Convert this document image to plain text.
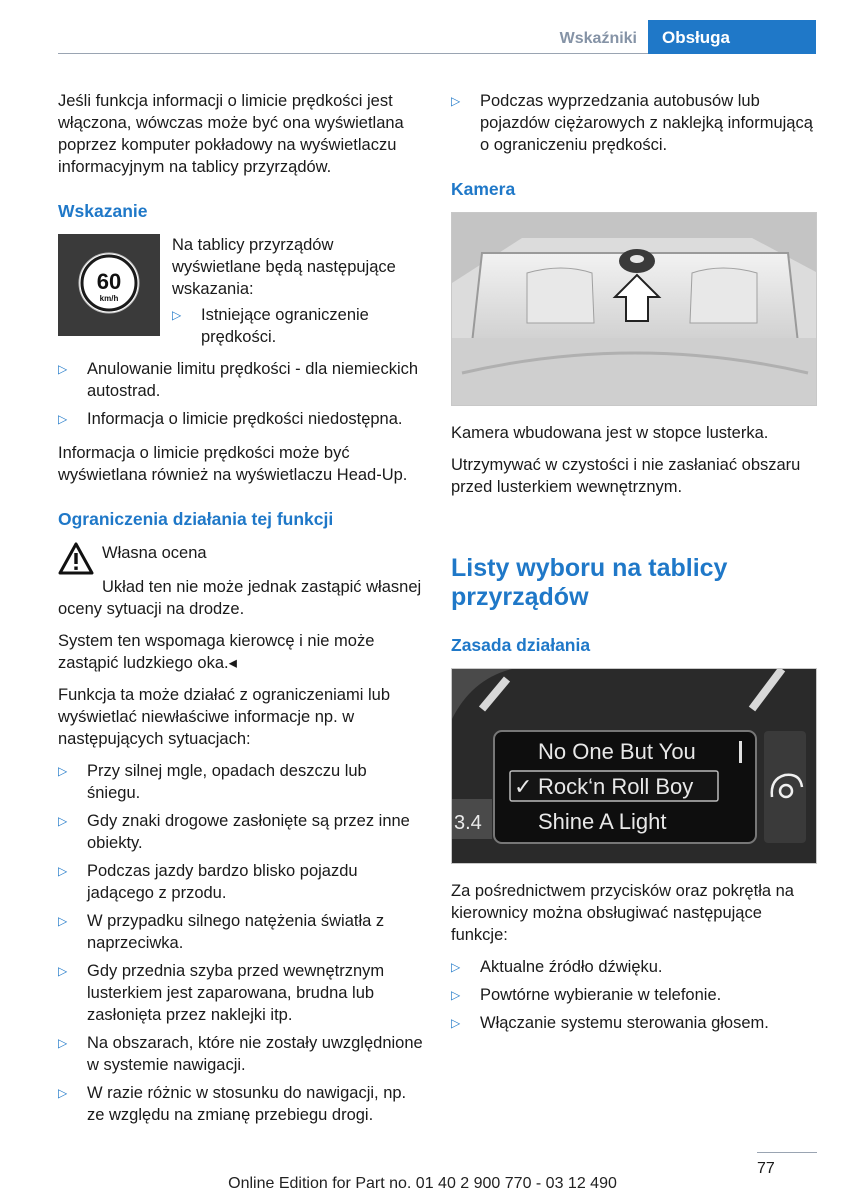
Wskaźniki	Obsługa

Jeśli funkcja informacji o limicie prędkości jest włączona, wówczas może być ona wyświetlana poprzez komputer pokładowy na wyświetlaczu informacyjnym na tablicy przyrządów.

Wskazanie
60
km/h
Na tablicy przyrządów wyświetlane będą następujące wskazania:
▷ Istniejące ograniczenie prędkości.
▷ Anulowanie limitu prędkości - dla niemieckich autostrad.
▷ Informacja o limicie prędkości niedostępna.

Informacja o limicie prędkości może być wyświetlana również na wyświetlaczu Head-Up.

Ograniczenia działania tej funkcji
Własna ocena

Układ ten nie może jednak zastąpić własnej oceny sytuacji na drodze.

System ten wspomaga kierowcę i nie może zastąpić ludzkiego oka.◂

Funkcja ta może działać z ograniczeniami lub wyświetlać niewłaściwe informacje np. w następujących sytuacjach:

▷ Przy silnej mgle, opadach deszczu lub śniegu.
▷ Gdy znaki drogowe zasłonięte są przez inne obiekty.
▷ Podczas jazdy bardzo blisko pojazdu jadącego z przodu.
▷ W przypadku silnego natężenia światła z naprzeciwka.
▷ Gdy przednia szyba przed wewnętrznym lusterkiem jest zaparowana, brudna lub zasłonięta przez naklejki itp.
▷ Na obszarach, które nie zostały uwzględnione w systemie nawigacji.
▷ W razie różnic w stosunku do nawigacji, np. ze względu na zmianę przebiegu drogi.
▷ Podczas wyprzedzania autobusów lub pojazdów ciężarowych z naklejką informującą o ograniczeniu prędkości.
Kamera

Kamera wbudowana jest w stopce lusterka.

Utrzymywać w czystości i nie zasłaniać obszaru przed lusterkiem wewnętrznym.

Listy wyboru na tablicy przyrządów
Zasada działania
3.4
No One But You
✓ Rock‘n Roll Boy
Shine A Light

Za pośrednictwem przycisków oraz pokrętła na kierownicy można obsługiwać następujące funkcje:

▷ Aktualne źródło dźwięku.
▷ Powtórne wybieranie w telefonie.
▷ Włączanie systemu sterowania głosem.
77
Online Edition for Part no. 01 40 2 900 770 - 03 12 490
